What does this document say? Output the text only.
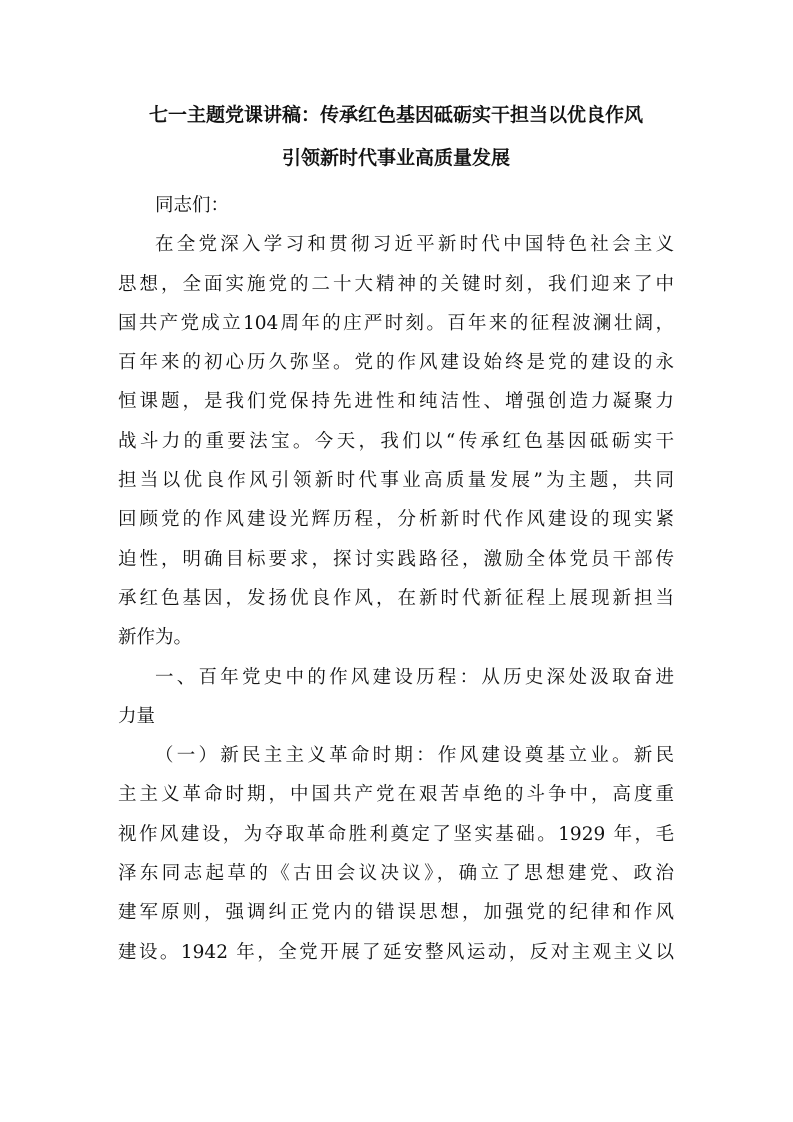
七一主题党课讲稿：传承红色基因砥砺实干担当以优良作风
引领新时代事业高质量发展
同志们：
在全党深入学习和贯彻习近平新时代中国特色社会主义
思想，全面实施党的二十大精神的关键时刻，我们迎来了中
国共产党成立104周年的庄严时刻。百年来的征程波澜壮阔，
百年来的初心历久弥坚。党的作风建设始终是党的建设的永
恒课题，是我们党保持先进性和纯洁性、增强创造力凝聚力
战斗力的重要法宝。今天，我们以“传承红色基因砥砺实干
担当以优良作风引领新时代事业高质量发展”为主题，共同
回顾党的作风建设光辉历程，分析新时代作风建设的现实紧
迫性，明确目标要求，探讨实践路径，激励全体党员干部传
承红色基因，发扬优良作风，在新时代新征程上展现新担当
新作为。
一、百年党史中的作风建设历程：从历史深处汲取奋进
力量
（一）新民主主义革命时期：作风建设奠基立业。新民
主主义革命时期，中国共产党在艰苦卓绝的斗争中，高度重
视作风建设，为夺取革命胜利奠定了坚实基础。1929 年，毛
泽东同志起草的《古田会议决议》，确立了思想建党、政治
建军原则，强调纠正党内的错误思想，加强党的纪律和作风
建设。1942 年，全党开展了延安整风运动，反对主观主义以
